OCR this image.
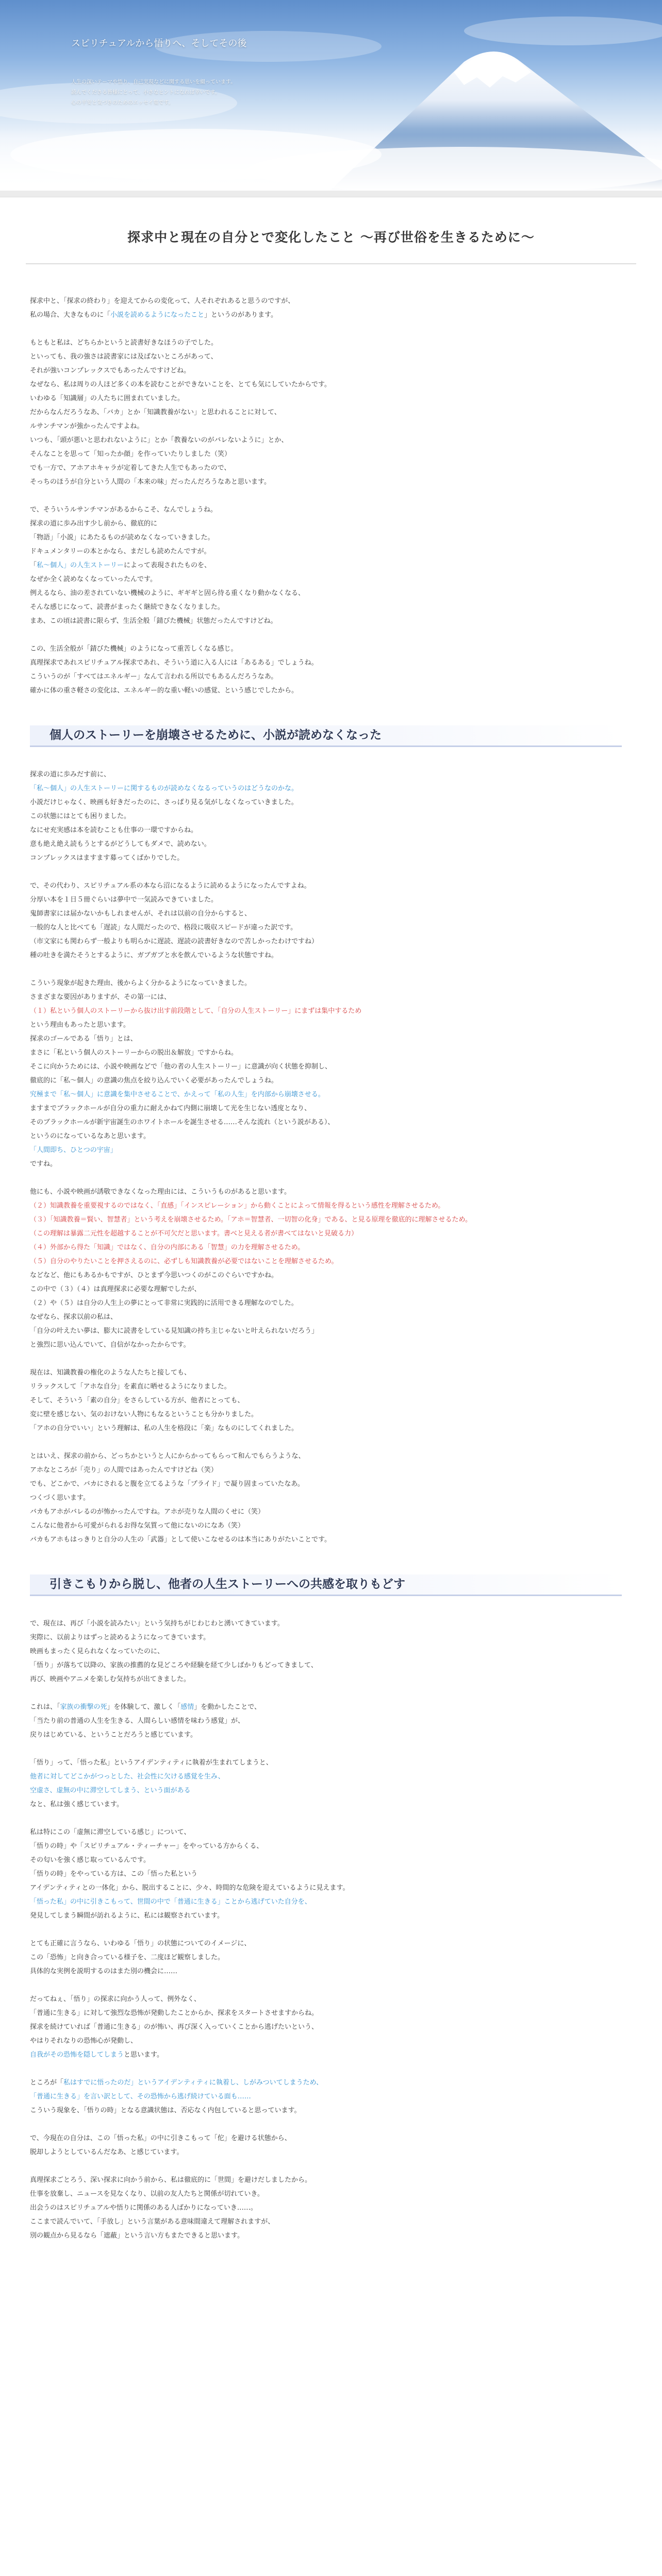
スピリチュアルから悟りへ、そしてその後
人生の深いテーマや悟り、自己実現などに関する思いを綴っています。
読んでくださる皆様にとって、小さなヒントになれば幸いです。
心の平安と気づきのためのエッセイ集です。
探求中と現在の自分とで変化したこと 〜再び世俗を生きるために〜

探求中と、「探求の終わり」を迎えてからの変化って、人それぞれあると思うのですが、
私の場合、大きなものに「小説を読めるようになったこと」というのがあります。

もともと私は、どちらかというと読書好きなほうの子でした。
といっても、我の強さは読書家には及ばないところがあって、
それが強いコンプレックスでもあったんですけどね。
なぜなら、私は周りの人ほど多くの本を読むことができないことを、とても気にしていたからです。
いわゆる「知識層」の人たちに囲まれていました。
だからなんだろうなあ、「バカ」とか「知識教養がない」と思われることに対して、
ルサンチマンが強かったんですよね。
いつも、「頭が悪いと思われないように」とか「教養ないのがバレないように」とか、
そんなことを思って「知ったか顔」を作っていたりしました（笑）
でも一方で、アホアホキャラが定着してきた人生でもあったので、
そっちのほうが自分という人間の「本来の味」だったんだろうなあと思います。

で、そういうルサンチマンがあるからこそ、なんでしょうね。
探求の道に歩み出す少し前から、徹底的に
「物語」「小説」にあたるものが読めなくなっていきました。
ドキュメンタリーの本とかなら、まだしも読めたんですが。
「私〜個人」の人生ストーリーによって表現されたものを、
なぜか全く読めなくなっていったんです。
例えるなら、油の差されていない機械のように、ギギギと固ら待る重くなり動かなくなる、
そんな感じになって、読書がまったく継続できなくなりました。
まあ、この頃は読書に限らず、生活全般「錆びた機械」状態だったんですけどね。

この、生活全般が「錆びた機械」のようになって重苦しくなる感じ。
真理探求であれスピリチュアル探求であれ、そういう道に入る人には「あるある」でしょうね。
こういうのが「すべてはエネルギー」なんて言われる所以でもあるんだろうなあ。
確かに体の重さ軽さの変化は、エネルギー的な重い軽いの感覚、という感じでしたから。

個人のストーリーを崩壊させるために、小説が読めなくなった

探求の道に歩みだす前に、
「私〜個人」の人生ストーリーに関するものが読めなくなるっていうのはどうなのかな。
小説だけじゃなく、映画も好きだったのに、さっぱり見る気がしなくなっていきました。
この状態にはとても困りました。
なにせ充実感は本を読むことも仕事の一環ですからね。
意も絶え絶え読もうとするがどうしてもダメで、読めない。
コンプレックスはますます募ってくばかりでした。

で、その代わり、スピリチュアル系の本なら沼になるように読めるようになったんですよね。
分厚い本を１日５冊ぐらいは夢中で一気読みできていました。
鬼師書家には届かないかもしれませんが、それは以前の自分からすると、
一般的な人と比べても「遅読」な人間だったので、格段に吸収スピードが違った訳です。
（市文家にも関わらず一般よりも明らかに遅読、遅読の読書好きなので苦しかったわけですね）
種の吐きを満たそうとするように、ガブガブと水を飲んでいるような状態ですね。

こういう現象が起きた理由、後からよく分かるようになっていきました。
さまざまな要因がありますが、その第一には、
（１）私という個人のストーリーから抜け出す前段階として、「自分の人生ストーリー」にまずは集中するため
という理由もあったと思います。
探求のゴールである「悟り」とは、
まさに「私という個人のストーリーからの脱出＆解放」ですからね。
そこに向かうためには、小説や映画などで「他の者の人生ストーリー」に意識が向く状態を抑制し、
徹底的に「私〜個人」の意識の焦点を絞り込んでいく必要があったんでしょうね。
究極まで「私〜個人」に意識を集中させることで、かえって「私の人生」を内部から崩壊させる。
ますまでブラックホールが自分の重力に耐えかねて内側に崩壊して光を生じない透度となり、
そのブラックホールが新宇宙誕生のホワイトホールを誕生させる……そんな流れ（という説がある）、
というのになっているなあと思います。
「人間即ち、ひとつの宇宙」
ですね。

他にも、小説や映画が誘敬できなくなった理由には、こういうものがあると思います。
（２）知識教養を重要視するのではなく、「直感」「インスピレーション」から動くことによって情報を得るという感性を理解させるため。
（３）「知識教養＝賢い、智慧者」という考えを崩壊させるため。「アホ＝智慧者、一切智の化身」である、と見る原理を徹底的に理解させるため。
（この理解は暴露二元性を超越することが不可欠だと思います。書べと見える者が書べてはないと見破る力）
（４）外部から得た「知識」ではなく、自分の内部にある「智慧」の力を理解させるため。
（５）自分のやりたいことを押さえるのに、必ずしも知識教養が必要ではないことを理解させるため。
などなど、他にもあるかもですが、ひとまず今思いつくのがこのぐらいですかね。
この中で（３）（４）は真理探求に必要な理解でしたが、
（２）や（５）は自分の人生上の夢にとって非常に実践的に活用できる理解なのでした。
なぜなら、探求以前の私は、
「自分の叶えたい夢は、膨大に読書をしている見知識の持ち主じゃないと叶えられないだろう」
と強烈に思い込んでいて、自信がなかったからです。

現在は、知識教養の権化のような人たちと接しても、
リラックスして「アホな自分」を素直に晒せるようになりました。
そして、そういう「素の自分」をさらしている方が、他者にとっても、
変に壁を感じない、気のおけない人物にもなるということも分かりました。
「アホの自分でいい」という理解は、私の人生を格段に「楽」なものにしてくれました。

とはいえ、探求の前から、どっちかというと人にからかってもらって和んでもらうような、
アホなところが「売り」の人間ではあったんですけどね（笑）
でも、どこかで、バカにされると腹を立てるような「プライド」で凝り固まっていたなあ。
つくづく思います。
バカもアホがバレるのが怖かったんですね。アホが売りな人間のくせに（笑）
こんなに他者から可愛がられるお得な気質って他にないのになあ（笑）
バカもアホもはっきりと自分の人生の「武器」として使いこなせるのは本当にありがたいことです。

引きこもりから脱し、他者の人生ストーリーへの共感を取りもどす

で、現在は、再び「小説を読みたい」という気持ちがじわじわと湧いてきています。
実際に、以前よりはずっと読めるようになってきています。
映画もまったく見られなくなっていたのに、
「悟り」が落ちて以降の、家族の推薦的な見どころや経験を経て少しばかりもどってきまして、
再び、映画やアニメを楽しむ気持ちが出てきました。

これは、「家族の衝撃の死」を体験して、激しく「感情」を動かしたことで、
「当たり前の普通の人生を生きる、人間らしい感情を味わう感覚」が、
戻りはじめている、ということだろうと感じています。

「悟り」って、「悟った私」というアイデンティティに執着が生まれてしまうと、
他者に対してどこかがつっとした、社会性に欠ける感覚を生み、
空虚さ、虚無の中に滞空してしまう、という面がある
なと、私は強く感じています。

私は特にこの「虚無に滞空している感じ」について、
「悟りの時」や「スピリチュアル・ティーチャー」をやっている方からくる、
その匂いを強く感じ取っているんです。
「悟りの時」をやっている方は、この「悟った私という
アイデンティティとの一体化」から、脱出することに、少々、時間的な危険を迎えているように見えます。
「悟った私」の中に引きこもって、世間の中で「普通に生きる」ことから逃げていた自分を、
発見してしまう瞬間が訪れるように、私には観察されています。

とても正確に言うなら、いわゆる「悟り」の状態についてのイメージに、
この「恐怖」と向き合っている様子を、二度ほど観察しました。
具体的な実例を説明するのはまた別の機会に……

だってねぇ、「悟り」の探求に向かう人って、例外なく、
「普通に生きる」に対して強烈な恐怖が発動したことからか、探求をスタートさせますからね。
探求を続けていれば「普通に生きる」のが怖い、再び深く入っていくことから逃げたいという、
やはりそれなりの恐怖心が発動し、
自我がその恐怖を隠してしまうと思います。

ところが「私はすでに悟ったのだ」というアイデンティティに執着し、しがみついてしまうため、
「普通に生きる」を言い訳として、その恐怖から逃げ続けている面も……
こういう現象を、「悟りの時」となる意識状態は、否応なく内包していると思っています。

で、今現在の自分は、この「悟った私」の中に引きこもって「佗」を避ける状態から、
脱却しようとしているんだなあ、と感じています。

真理探求ごとろう、深い探求に向かう前から、私は徹底的に「世間」を避けだしましたから。
仕事を放棄し、ニュースを見なくなり、以前の友人たちと関係が切れていき。
出会うのはスピリチュアルや悟りに関係のある人ばかりになっていき……。
ここまで読んでいて、「手放し」という言葉がある意味間違えて理解されますが、
別の観点から見るなら「遮蔽」という言い方もまたできると思います。
